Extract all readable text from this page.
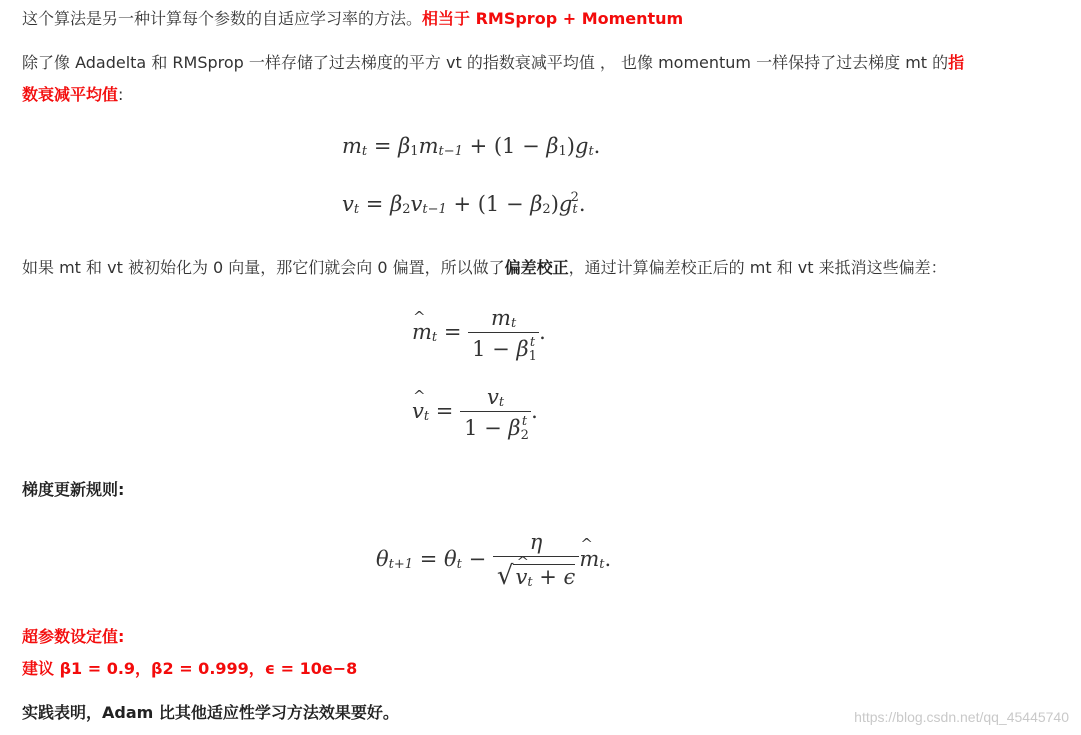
这个算法是另一种计算每个参数的自适应学习率的方法。相当于 RMSprop + Momentum
除了像 Adadelta 和 RMSprop 一样存储了过去梯度的平方 vt 的指数衰减平均值 ， 也像 momentum 一样保持了过去梯度 mt 的指
数衰减平均值:
$m_t = \beta_1m_{t-1} + (1 - \beta_1)g_t$.
$v_t = \beta_2v_{t-1} + (1 - \beta_2)g_t^2$.
如果 mt 和 vt 被初始化为 0 向量，那它们就会向 0 偏置，所以做了偏差校正，通过计算偏差校正后的 mt 和 vt 来抵消这些偏差：
^ $m_t = \frac{m_t}{1 - \beta_1^t}$ .
^ $v_t = \frac{v_t}{1 - \beta_2^t}$ .
梯度更新规则:
$\theta_{t+1} = \theta_t - \frac{\eta}{√\^{} v_t + \epsilon}$
^ $m_t$.
超参数设定值:
建议 β1 = 0.9，β2 = 0.999，ϵ = 10e−8
实践表明，Adam 比其他适应性学习方法效果要好。	https://blog.csdn.net/qq_45445740
